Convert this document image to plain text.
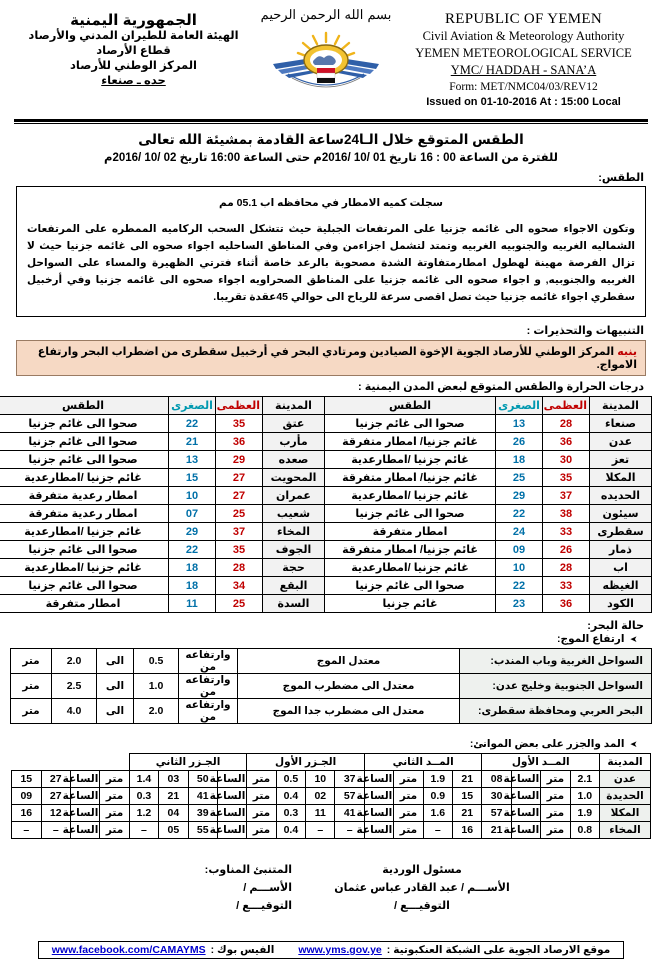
الجمهورية اليمنية
الهيئة العامة للطيران المدني والأرصاد
قطاع الأرصاد
المركز الوطني للأرصاد
حده ـ صنعاء
بسم الله الرحمن الرحيم	REPUBLIC OF YEMEN
Civil Aviation & Meteorology Authority
YEMEN METEOROLOGICAL SERVICE
YMC/ HADDAH - SANA’A
Form: MET/NMC04/03/REV12
Issued on 01-10-2016 At : 15:00 Local
الطقس المتوقع خلال الـا24ساعة القادمة بمشيئة الله تعالى
للفترة من الساعة 00 : 16 تاريخ 01 /10 /2016م حتى الساعة 16:00 تاريخ 02 /10 /2016م
الطقس:

سجلت كميه الامطار في محافظه اب 05.1 مم

وتكون الاجواء صحوه الى غائمه جزنيا على المرتفعات الجبلية حيث تتشكل السحب الركاميه الممطره على المرتفعات الشماليه الغربيه والجنوبيه الغربيه وتمتد لتشمل اجزاءمن وفي المناطق الساحليه اجواء صحوه الى غائمه جزنيا حيث لا تزال الفرصة مهينة لهطول امطارمتفاوتة الشدة مصحوبة بالرعد خاصة أثناء فترتي الظهيرة والمساء على السواحل الغربيه والجنوبيه, و اجواء صحوه الى غائمه جزنيا على المناطق الصحراويه اجواء صحوه الى غائمه جزنيا وفي أرخبيل سقطري اجواء غائمه جزنيا حيث تصل اقصى سرعة للرياح الى حوالي 45عقدة تقريبا.

التنبيهات والتحذيرات :
ينبه المركز الوطني للأرصاد الجوية الإخوة الصيادين ومرتادي البحر في أرخبيل سقطرى من اضطراب البحر وارتفاع الامواج.
درجات الحرارة والطقس المتوقع لبعض المدن اليمنية :
المدينة	العظمى	الصغرى	الطقس	المدينة	العظمى	الصغرى	الطقس
صنعاء	28	13	صحوا الى غائم جزنيا	عتق	35	22	صحوا الى غائم جزنيا
عدن	36	26	غائم جزنيا/ امطار متفرقة	مأرب	36	21	صحوا الى غائم جزنيا
تعز	30	18	غائم جزنيا /امطارعدية	صعده	29	13	صحوا الى غائم جزنيا
المكلا	35	25	غائم جزنيا/ امطار متفرقة	المحويت	27	15	غائم جزنيا /امطارعدية
الحديده	37	29	غائم جزنيا /امطارعدية	عمران	27	10	امطار رعدية متفرقة
سيئون	38	22	صحوا الى غائم جزنيا	شعيب	25	07	امطار رعدية متفرقة
سقطرى	33	24	امطار متفرقة	المخاء	37	29	غائم جزنيا /امطارعدية
ذمار	26	09	غائم جزنيا/ امطار متفرقة	الجوف	35	22	صحوا الى غائم جزنيا
اب	28	10	غائم جزنيا /امطارعدية	حجة	28	18	غائم جزنيا /امطارعدية
الغيظه	33	22	صحوا الى غائم جزنيا	البقع	34	18	صحوا الى غائم جزنيا
الكود	36	23	غائم جزنيا	السدة	25	11	امطار متفرقة
حالة البحر:
➤ ارتفاع الموج:
السواحل الغربية وباب المندب:	معتدل الموج	وارتفاعه من	0.5	الى	2.0	متر
السواحل الجنوبية وخليج عدن:	معتدل الى مضطرب الموج	وارتفاعه من	1.0	الى	2.5	متر
البحر العربي ومحافظة سقطرى:	معتدل الى مضطرب جدا الموج	وارتفاعه من	2.0	الى	4.0	متر
➤ المد والجزر على بعض الموانئ:
المدينة	المــد الأول				المــد الثاني				الجـزر الأول				الجـزر الثاني							
عدن	2.1	متر	الساعة	08	21	1.9	متر	الساعة	37	10	0.5	متر	الساعة	50	03	1.4	متر	الساعة	27	15
الحديدة	1.0	متر	الساعة	30	15	0.9	متر	الساعة	57	02	0.4	متر	الساعة	41	21	0.3	متر	الساعة	27	09
المكلا	1.9	متر	الساعة	57	21	1.6	متر	الساعة	41	11	0.3	متر	الساعة	39	04	1.2	متر	الساعة	12	16
المخاء	0.8	متر	الساعة	21	16	–	متر	الساعة	–	–	0.4	متر	الساعة	55	05	–	متر	الساعة	–	–
المتنبئ المناوب:
الأســـم /
التوقيـــع /
مسئول الوردية
الأســـم / عبد القادر عباس عثمان
التوقيـــع /
موقع الارصاد الجوية على الشبكة العنكبوتية :
www.yms.gov.ye
الفيس بوك :
www.facebook.com/CAMAYMS
